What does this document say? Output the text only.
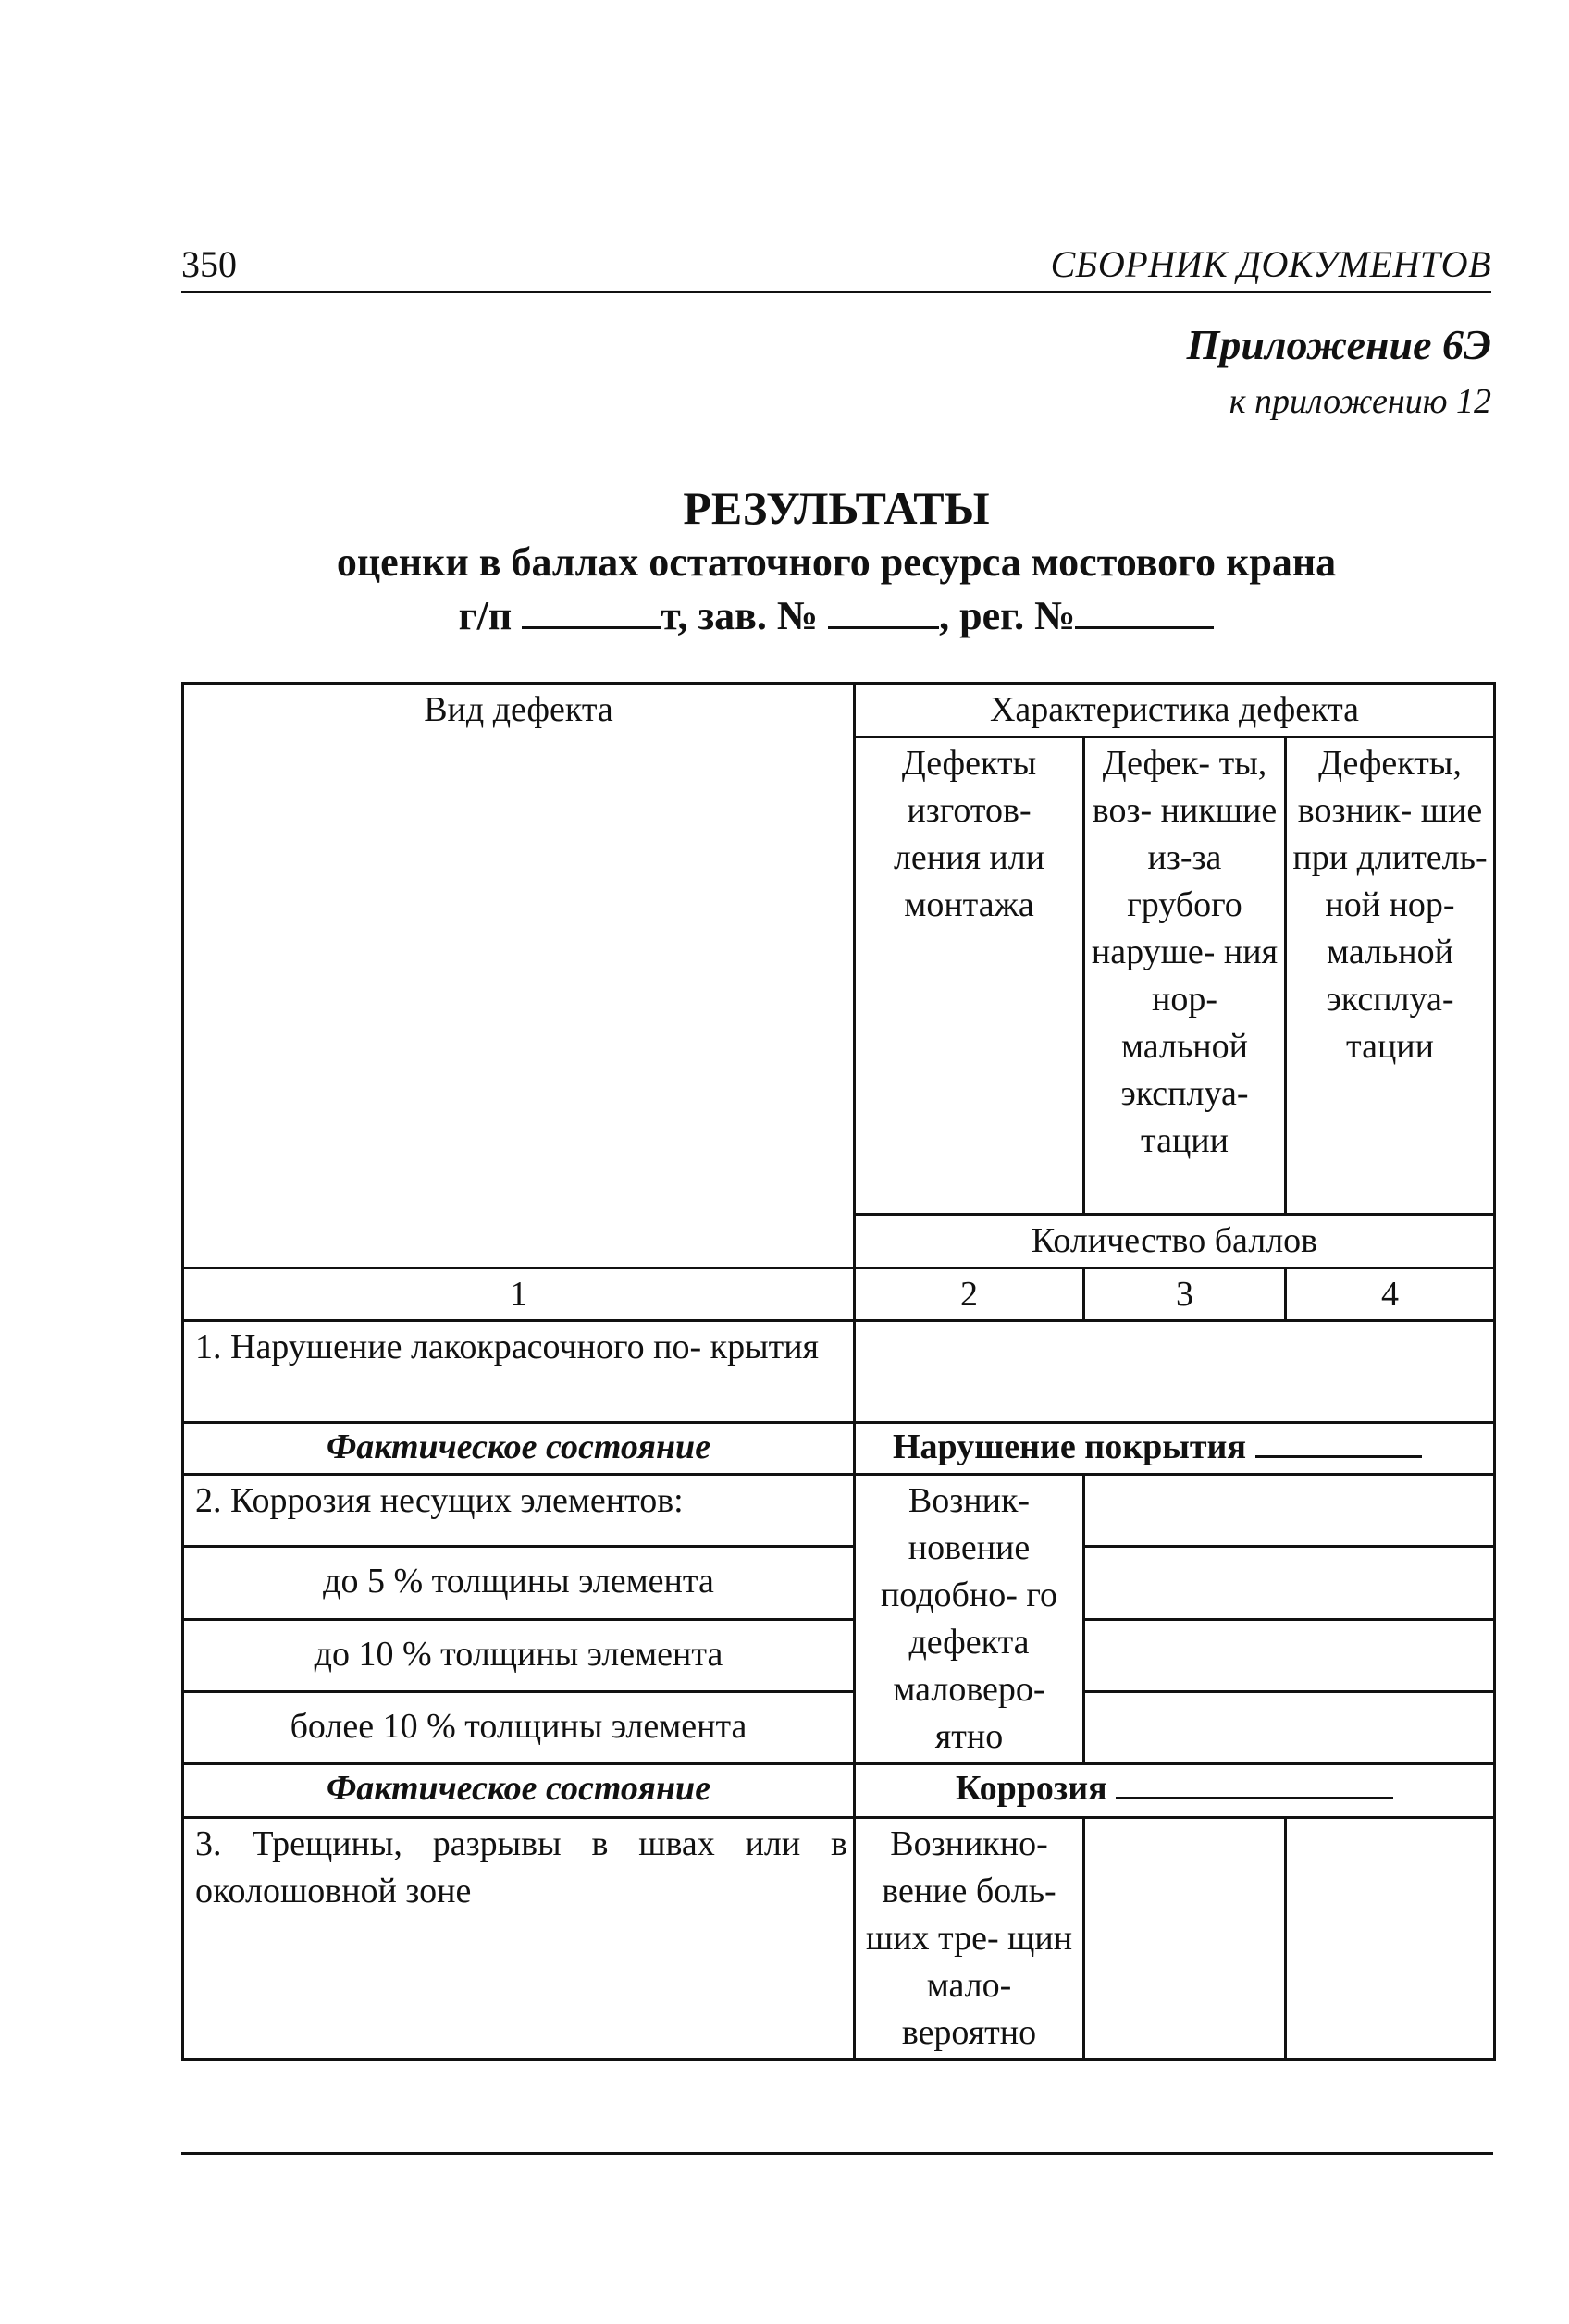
350	СБОРНИК ДОКУМЕНТОВ
Приложение 6Э
к приложению 12
РЕЗУЛЬТАТЫ
оценки в баллах остаточного ресурса мостового крана
г/п	т, зав. №	, рег. №
Вид дефекта	Характеристика дефекта		
	Дефекты изготов- ления или монтажа	Дефек- ты, воз- никшие из-за грубого наруше- ния нор- мальной эксплуа- тации	Дефекты, возник- шие при длитель- ной нор- мальной эксплуа- тации
	Количество баллов		
1	2	3	4
1. Нарушение лакокрасочного по- крытия			
Фактическое состояние	Нарушение покрытия		
2. Коррозия несущих элементов:	Возник- новение подобно- го дефекта маловеро- ятно		
до 5 % толщины элемента			
до 10 % толщины элемента			
более 10 % толщины элемента			
Фактическое состояние	Коррозия		
3. Трещины, разрывы в швах или в околошовной зоне	Возникно- вение боль- ших тре- щин мало- вероятно		
